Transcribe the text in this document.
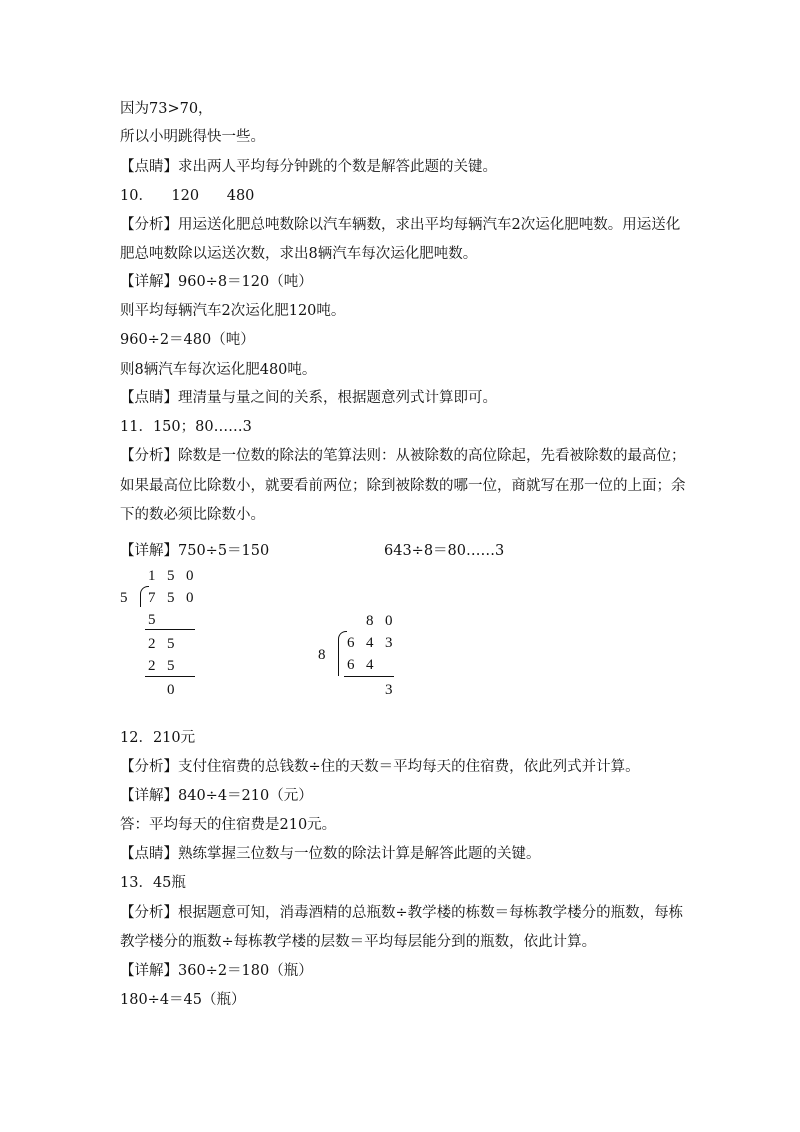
因为73>70，
所以小明跳得快一些。
【点睛】求出两人平均每分钟跳的个数是解答此题的关键。
10．    120      480
【分析】用运送化肥总吨数除以汽车辆数，求出平均每辆汽车2次运化肥吨数。用运送化
肥总吨数除以运送次数，求出8辆汽车每次运化肥吨数。
【详解】960÷8＝120（吨）
则平均每辆汽车2次运化肥120吨。
960÷2＝480（吨）
则8辆汽车每次运化肥480吨。
【点睛】理清量与量之间的关系，根据题意列式计算即可。
11．150；80……3
【分析】除数是一位数的除法的笔算法则：从被除数的高位除起，先看被除数的最高位；
如果最高位比除数小，就要看前两位；除到被除数的哪一位，商就写在那一位的上面；余
下的数必须比除数小。
【详解】750÷5＝150	643÷8＝80……3
1 5 0
5 7 5 0
5
2 5
2 5
0
8 0
8
6 4 3
6 4
3
12．210元
【分析】支付住宿费的总钱数÷住的天数＝平均每天的住宿费，依此列式并计算。
【详解】840÷4＝210（元）
答：平均每天的住宿费是210元。
【点睛】熟练掌握三位数与一位数的除法计算是解答此题的关键。
13．45瓶
【分析】根据题意可知，消毒酒精的总瓶数÷教学楼的栋数＝每栋教学楼分的瓶数，每栋
教学楼分的瓶数÷每栋教学楼的层数＝平均每层能分到的瓶数，依此计算。
【详解】360÷2＝180（瓶）
180÷4＝45（瓶）
